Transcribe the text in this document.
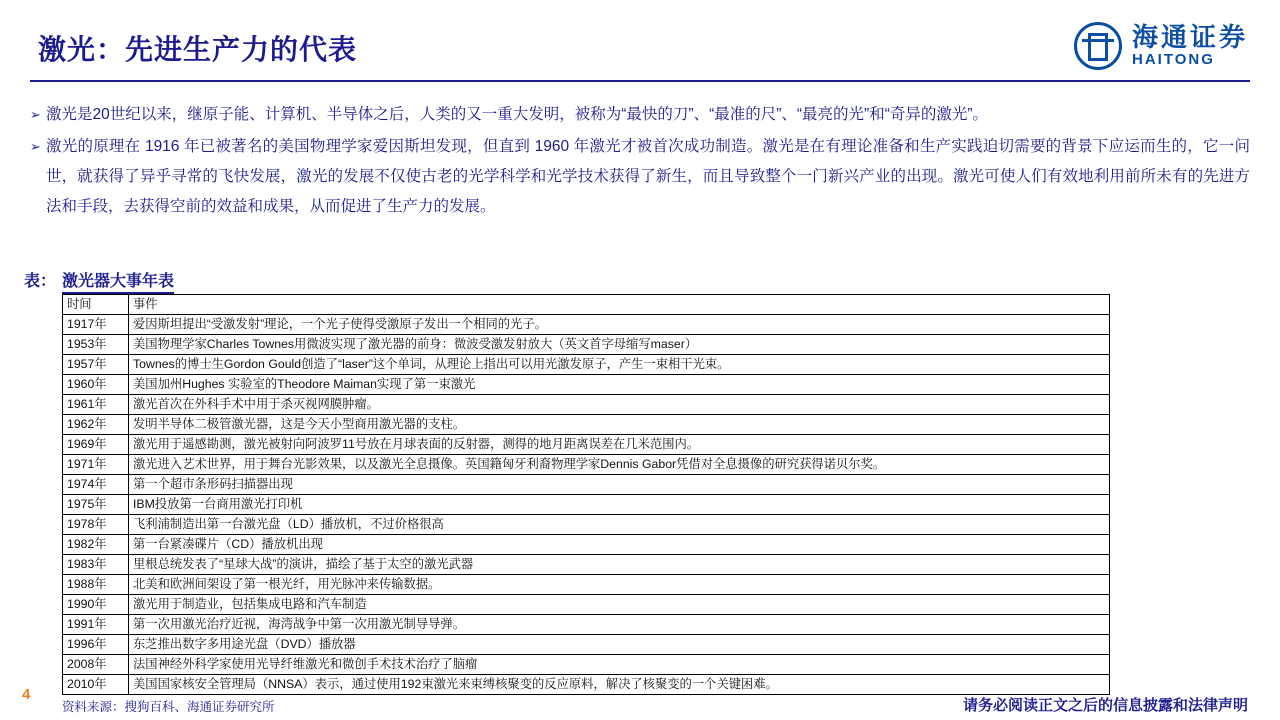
激光：先进生产力的代表	海通证券
HAITONG
➢ 激光是20世纪以来，继原子能、计算机、半导体之后，人类的又一重大发明，被称为“最快的刀”、“最准的尺”、“最亮的光”和“奇异的激光”。
➢ 激光的原理在 1916 年已被著名的美国物理学家爱因斯坦发现，但直到 1960 年激光才被首次成功制造。激光是在有理论准备和生产实践迫切需要的背景下应运而生的，它一问世，就获得了异乎寻常的飞快发展，激光的发展不仅使古老的光学科学和光学技术获得了新生，而且导致整个一门新兴产业的出现。激光可使人们有效地利用前所未有的先进方法和手段，去获得空前的效益和成果，从而促进了生产力的发展。
表： 激光器大事年表
时间	事件
1917年	爱因斯坦提出“受激发射”理论，一个光子使得受激原子发出一个相同的光子。
1953年	美国物理学家Charles Townes用微波实现了激光器的前身：微波受激发射放大（英文首字母缩写maser）
1957年	Townes的博士生Gordon Gould创造了“laser”这个单词，从理论上指出可以用光激发原子，产生一束相干光束。
1960年	美国加州Hughes 实验室的Theodore Maiman实现了第一束激光
1961年	激光首次在外科手术中用于杀灭视网膜肿瘤。
1962年	发明半导体二极管激光器，这是今天小型商用激光器的支柱。
1969年	激光用于遥感勘测，激光被射向阿波罗11号放在月球表面的反射器，测得的地月距离误差在几米范围内。
1971年	激光进入艺术世界，用于舞台光影效果，以及激光全息摄像。英国籍匈牙利裔物理学家Dennis Gabor凭借对全息摄像的研究获得诺贝尔奖。
1974年	第一个超市条形码扫描器出现
1975年	IBM投放第一台商用激光打印机
1978年	飞利浦制造出第一台激光盘（LD）播放机，不过价格很高
1982年	第一台紧凑碟片（CD）播放机出现
1983年	里根总统发表了“星球大战”的演讲，描绘了基于太空的激光武器
1988年	北美和欧洲间架设了第一根光纤，用光脉冲来传输数据。
1990年	激光用于制造业，包括集成电路和汽车制造
1991年	第一次用激光治疗近视，海湾战争中第一次用激光制导导弹。
1996年	东芝推出数字多用途光盘（DVD）播放器
2008年	法国神经外科学家使用光导纤维激光和微创手术技术治疗了脑瘤
2010年	美国国家核安全管理局（NNSA）表示，通过使用192束激光来束缚核聚变的反应原料，解决了核聚变的一个关键困难。
4
资料来源：搜狗百科、海通证券研究所	请务必阅读正文之后的信息披露和法律声明
